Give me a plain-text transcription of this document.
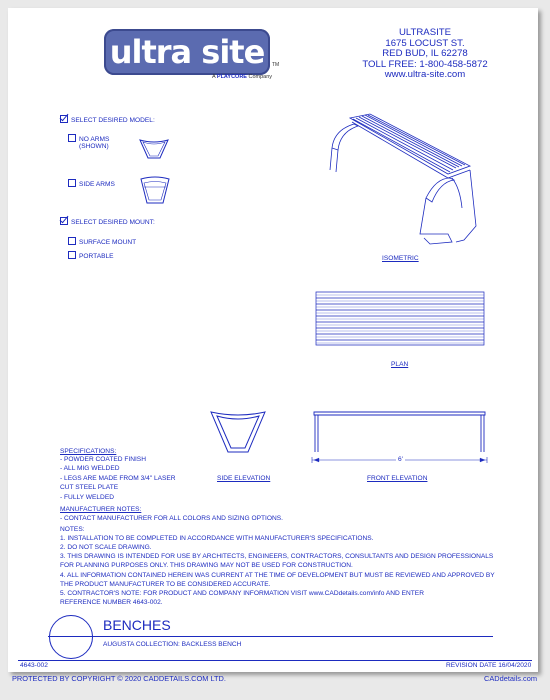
ultra site	TM
A PLAYCORE Company
ULTRASITE
1675 LOCUST ST.
RED BUD, IL 62278
TOLL FREE: 1-800-458-5872
www.ultra-site.com
SELECT DESIRED MODEL:
NO ARMS
(SHOWN)
SIDE ARMS
SELECT DESIRED MOUNT:
SURFACE MOUNT
PORTABLE	ISOMETRIC
PLAN
SIDE ELEVATION
6'
FRONT ELEVATION
SPECIFICATIONS:
- POWDER COATED FINISH
- ALL MIG WELDED
- LEGS ARE MADE FROM 3/4" LASER
CUT STEEL PLATE
- FULLY WELDED
MANUFACTURER NOTES:
- CONTACT MANUFACTURER FOR ALL COLORS AND SIZING OPTIONS.
NOTES:
1. INSTALLATION TO BE COMPLETED IN ACCORDANCE WITH MANUFACTURER'S SPECIFICATIONS.
2. DO NOT SCALE DRAWING.
3. THIS DRAWING IS INTENDED FOR USE BY ARCHITECTS, ENGINEERS, CONTRACTORS, CONSULTANTS AND DESIGN PROFESSIONALS
FOR PLANNING PURPOSES ONLY. THIS DRAWING MAY NOT BE USED FOR CONSTRUCTION.
4. ALL INFORMATION CONTAINED HEREIN WAS CURRENT AT THE TIME OF DEVELOPMENT BUT MUST BE REVIEWED AND APPROVED BY
THE PRODUCT MANUFACTURER TO BE CONSIDERED ACCURATE.
5. CONTRACTOR'S NOTE: FOR PRODUCT AND COMPANY INFORMATION VISIT www.CADdetails.com/info AND ENTER
REFERENCE NUMBER 4643-002.
BENCHES
AUGUSTA COLLECTION: BACKLESS BENCH
4643-002	REVISION DATE 16/04/2020
PROTECTED BY COPYRIGHT © 2020 CADDETAILS.COM LTD.	CADdetails.com
